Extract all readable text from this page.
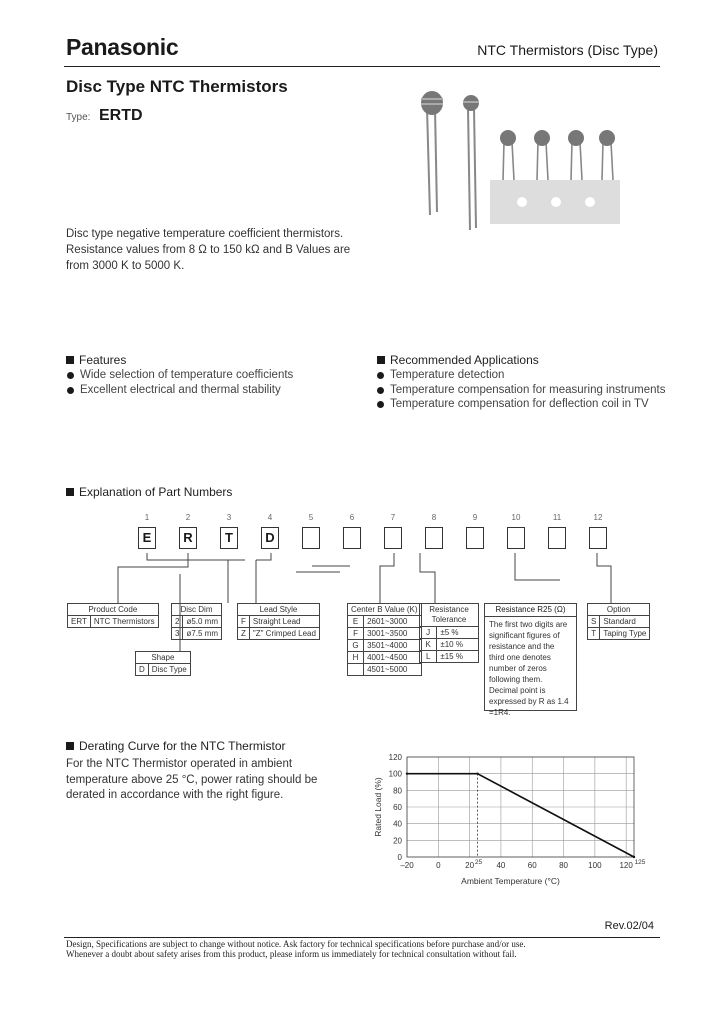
Panasonic	NTC Thermistors (Disc Type)
Disc Type NTC Thermistors
Type: ERTD
Disc type negative temperature coefficient thermistors. Resistance values from 8 Ω to 150 kΩ and B Values are from 3000 K to 5000 K.
Features
Wide selection of temperature coefficients
Excellent electrical and thermal stability
Recommended Applications
Temperature detection
Temperature compensation for measuring instruments
Temperature compensation for deflection coil in TV
Explanation of Part Numbers
1
E
2
R
3
T
4
D
5	6	7	8	9	10	11	12
Product Code
ERT	NTC Thermistors
Shape
D	Disc Type
Disc Dim	
2	ø5.0 mm
3	ø7.5 mm
Lead Style	
F	Straight Lead
Z	"Z" Crimped Lead
Center B Value (K)	
E	2601~3000
F	3001~3500
G	3501~4000
H	4001~4500
	4501~5000
Resistance Tolerance	
J	±5 %
K	±10 %
L	±15 %
Resistance R25 (Ω)
The first two digits are significant figures of resistance and the third one denotes number of zeros following them. Decimal point is expressed by R as 1.4 =1R4.
Option	
S	Standard
T	Taping Type
Derating Curve for the NTC Thermistor
For the NTC Thermistor operated in ambient temperature above 25 °C, power rating should be derated in accordance with the right figure.
0
20
40
60
80
100
120
–20	0	20	40	60	80	100 120
25	125
Ambient Temperature (°C)
Rated Load (%)
Rev.02/04
Design, Specifications are subject to change without notice. Ask factory for technical specifications before purchase and/or use.
Whenever a doubt about safety arises from this product, please inform us immediately for technical consultation without fail.
